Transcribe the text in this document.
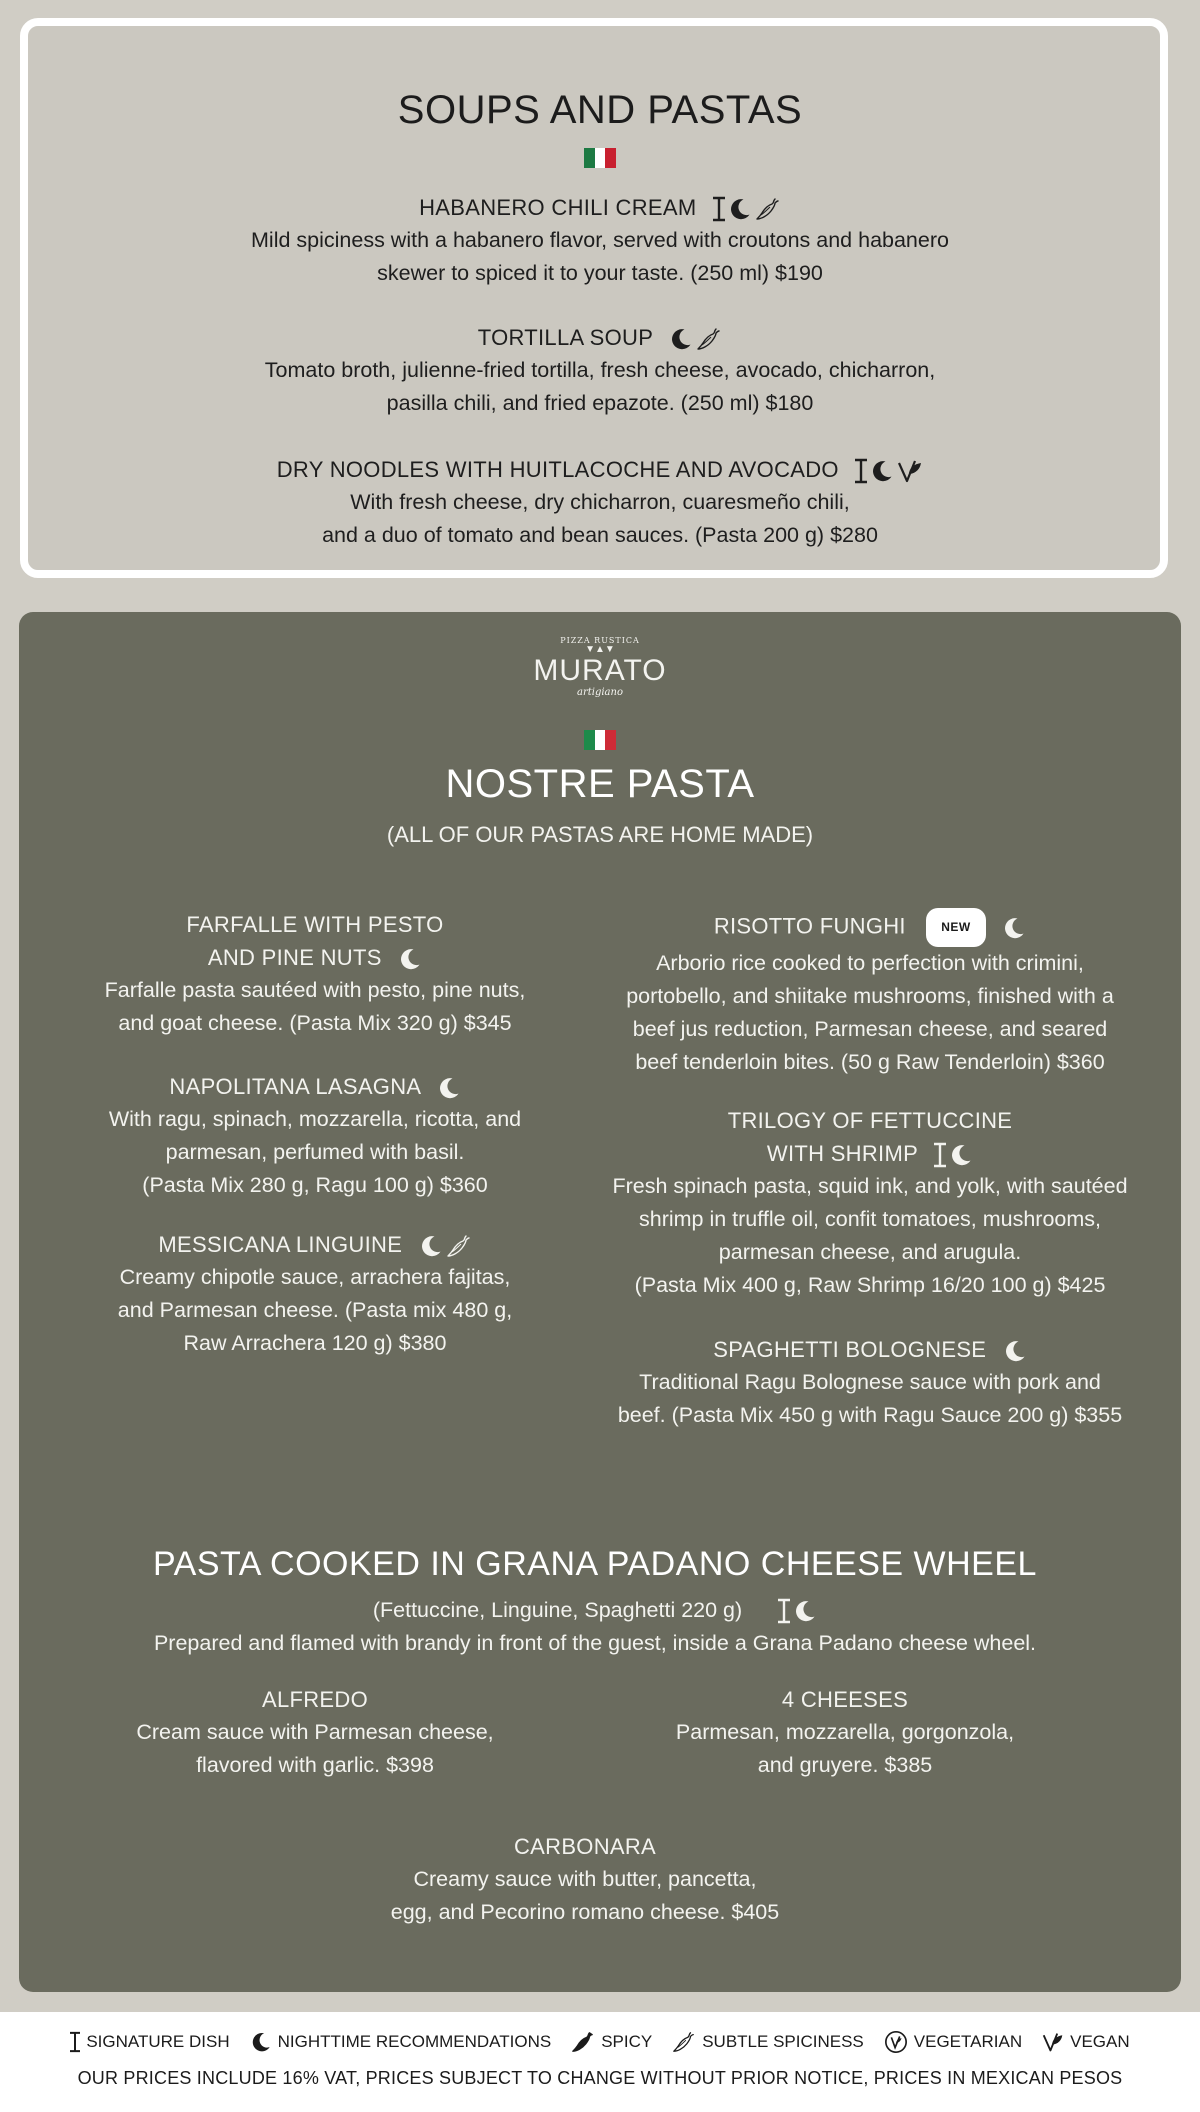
SOUPS AND PASTAS
HABANERO CHILI CREAM
Mild spiciness with a habanero flavor, served with croutons and habanero
skewer to spiced it to your taste. (250 ml) $190
TORTILLA SOUP
Tomato broth, julienne-fried tortilla, fresh cheese, avocado, chicharron,
pasilla chili, and fried epazote. (250 ml) $180
DRY NOODLES WITH HUITLACOCHE AND AVOCADO
With fresh cheese, dry chicharron, cuaresmeño chili,
and a duo of tomato and bean sauces. (Pasta 200 g) $280
PIZZA RUSTICA
▼▲▼
MURATO
artigiano
NOSTRE PASTA
(ALL OF OUR PASTAS ARE HOME MADE)
FARFALLE WITH PESTO
AND PINE NUTS
Farfalle pasta sautéed with pesto, pine nuts,
and goat cheese. (Pasta Mix 320 g) $345
NAPOLITANA LASAGNA
With ragu, spinach, mozzarella, ricotta, and
parmesan, perfumed with basil.
(Pasta Mix 280 g, Ragu 100 g) $360
MESSICANA LINGUINE
Creamy chipotle sauce, arrachera fajitas,
and Parmesan cheese. (Pasta mix 480 g,
Raw Arrachera 120 g) $380
RISOTTO FUNGHI	NEW
Arborio rice cooked to perfection with crimini,
portobello, and shiitake mushrooms, finished with a
beef jus reduction, Parmesan cheese, and seared
beef tenderloin bites. (50 g Raw Tenderloin) $360
TRILOGY OF FETTUCCINE
WITH SHRIMP
Fresh spinach pasta, squid ink, and yolk, with sautéed
shrimp in truffle oil, confit tomatoes, mushrooms,
parmesan cheese, and arugula.
(Pasta Mix 400 g, Raw Shrimp 16/20 100 g) $425
SPAGHETTI BOLOGNESE
Traditional Ragu Bolognese sauce with pork and
beef. (Pasta Mix 450 g with Ragu Sauce 200 g) $355
PASTA COOKED IN GRANA PADANO CHEESE WHEEL
(Fettuccine, Linguine, Spaghetti 220 g)
Prepared and flamed with brandy in front of the guest, inside a Grana Padano cheese wheel.
ALFREDO
Cream sauce with Parmesan cheese,
flavored with garlic. $398
4 CHEESES
Parmesan, mozzarella, gorgonzola,
and gruyere. $385
CARBONARA
Creamy sauce with butter, pancetta,
egg, and Pecorino romano cheese. $405
SIGNATURE DISH	NIGHTTIME RECOMMENDATIONS	SPICY	SUBTLE SPICINESS	VEGETARIAN	VEGAN
OUR PRICES INCLUDE 16% VAT, PRICES SUBJECT TO CHANGE WITHOUT PRIOR NOTICE, PRICES IN MEXICAN PESOS
